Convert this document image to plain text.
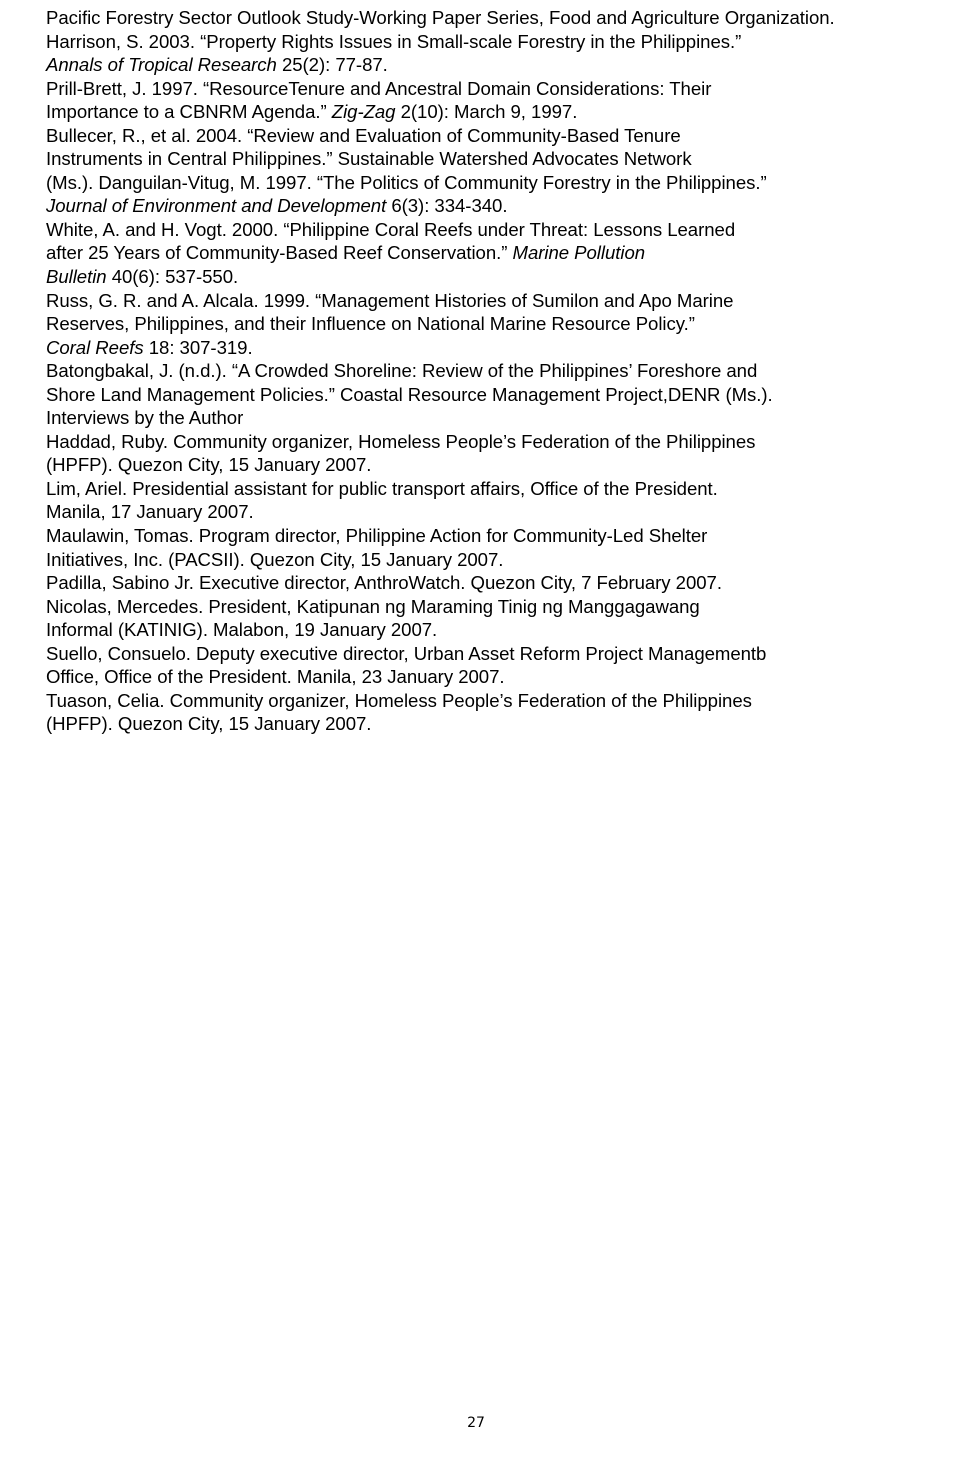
Pacific Forestry Sector Outlook Study-Working Paper Series, Food and Agriculture Organization.
Harrison, S. 2003. “Property Rights Issues in Small-scale Forestry in the Philippines.”
Annals of Tropical Research 25(2): 77-87.
Prill-Brett, J. 1997. “ResourceTenure and Ancestral Domain Considerations: Their
Importance to a CBNRM Agenda.” Zig-Zag 2(10): March 9, 1997.
Bullecer, R., et al. 2004. “Review and Evaluation of Community-Based Tenure
Instruments in Central Philippines.” Sustainable Watershed Advocates Network
(Ms.). Danguilan-Vitug, M. 1997. “The Politics of Community Forestry in the Philippines.”
Journal of Environment and Development 6(3): 334-340.
White, A. and H. Vogt. 2000. “Philippine Coral Reefs under Threat: Lessons Learned
after 25 Years of Community-Based Reef Conservation.” Marine Pollution
Bulletin 40(6): 537-550.
Russ, G. R. and A. Alcala. 1999. “Management Histories of Sumilon and Apo Marine
Reserves, Philippines, and their Influence on National Marine Resource Policy.”
Coral Reefs 18: 307-319.
Batongbakal, J. (n.d.). “A Crowded Shoreline: Review of the Philippines’ Foreshore and
Shore Land Management Policies.” Coastal Resource Management Project,DENR (Ms.).
Interviews by the Author
Haddad, Ruby. Community organizer, Homeless People’s Federation of the Philippines
(HPFP). Quezon City, 15 January 2007.
Lim, Ariel. Presidential assistant for public transport affairs, Office of the President.
Manila, 17 January 2007.
Maulawin, Tomas. Program director, Philippine Action for Community-Led Shelter
Initiatives, Inc. (PACSII). Quezon City, 15 January 2007.
Padilla, Sabino Jr. Executive director, AnthroWatch. Quezon City, 7 February 2007.
Nicolas, Mercedes. President, Katipunan ng Maraming Tinig ng Manggagawang
Informal (KATINIG). Malabon, 19 January 2007.
Suello, Consuelo. Deputy executive director, Urban Asset Reform Project Managementb
Office, Office of the President. Manila, 23 January 2007.
Tuason, Celia. Community organizer, Homeless People’s Federation of the Philippines
(HPFP). Quezon City, 15 January 2007.
27
